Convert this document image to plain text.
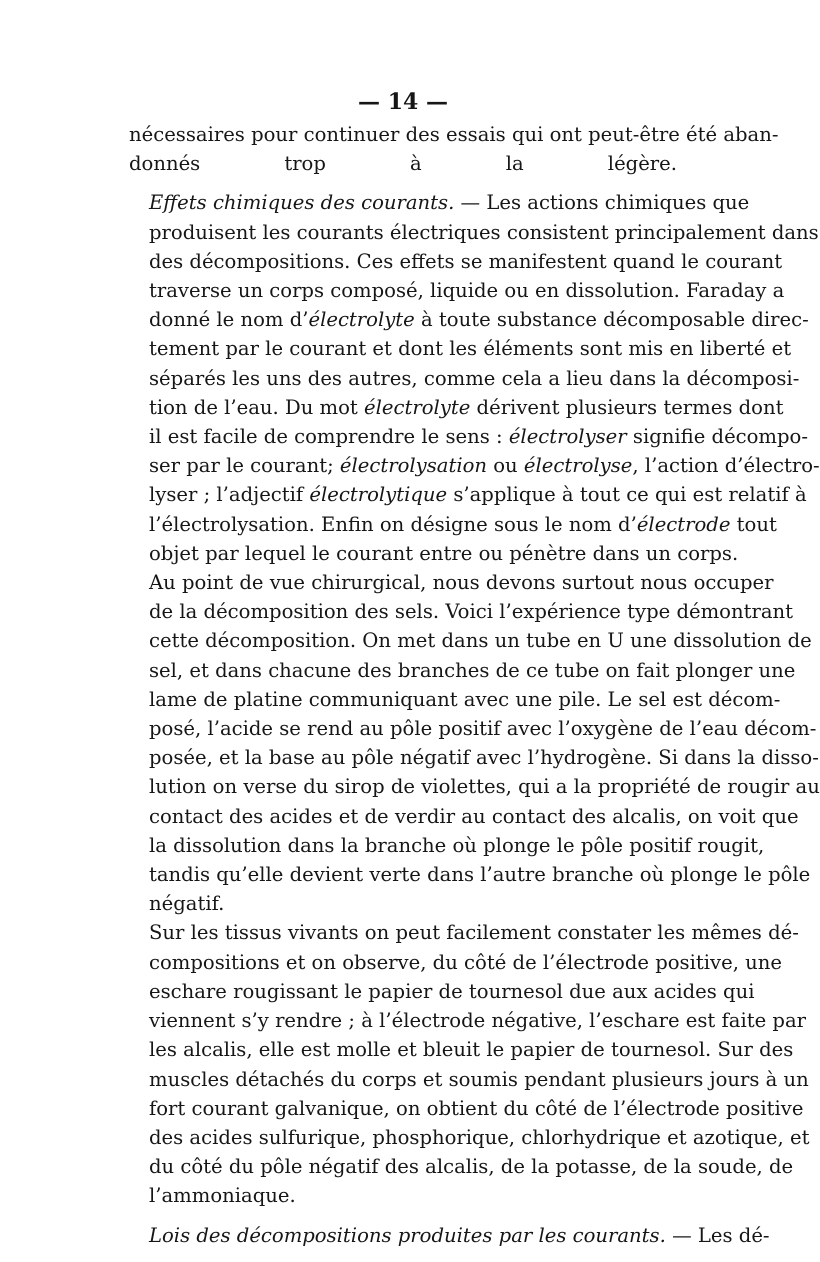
— 14 —

nécessaires pour continuer des essais qui ont peut-être été aban-
donnés trop à la légère.

Effets chimiques des courants. — Les actions chimiques que
produisent les courants électriques consistent principalement dans
des décompositions. Ces effets se manifestent quand le courant
traverse un corps composé, liquide ou en dissolution. Faraday a
donné le nom d’électrolyte à toute substance décomposable direc-
tement par le courant et dont les éléments sont mis en liberté et
séparés les uns des autres, comme cela a lieu dans la décomposi-
tion de l’eau. Du mot électrolyte dérivent plusieurs termes dont
il est facile de comprendre le sens : électrolyser signifie décompo-
ser par le courant; électrolysation ou électrolyse, l’action d’électro-
lyser ; l’adjectif électrolytique s’applique à tout ce qui est relatif à
l’électrolysation. Enfin on désigne sous le nom d’électrode tout
objet par lequel le courant entre ou pénètre dans un corps.

Au point de vue chirurgical, nous devons surtout nous occuper
de la décomposition des sels. Voici l’expérience type démontrant
cette décomposition. On met dans un tube en U une dissolution de
sel, et dans chacune des branches de ce tube on fait plonger une
lame de platine communiquant avec une pile. Le sel est décom-
posé, l’acide se rend au pôle positif avec l’oxygène de l’eau décom-
posée, et la base au pôle négatif avec l’hydrogène. Si dans la disso-
lution on verse du sirop de violettes, qui a la propriété de rougir au
contact des acides et de verdir au contact des alcalis, on voit que
la dissolution dans la branche où plonge le pôle positif rougit,
tandis qu’elle devient verte dans l’autre branche où plonge le pôle
négatif.

Sur les tissus vivants on peut facilement constater les mêmes dé-
compositions et on observe, du côté de l’électrode positive, une
eschare rougissant le papier de tournesol due aux acides qui
viennent s’y rendre ; à l’électrode négative, l’eschare est faite par
les alcalis, elle est molle et bleuit le papier de tournesol. Sur des
muscles détachés du corps et soumis pendant plusieurs jours à un
fort courant galvanique, on obtient du côté de l’électrode positive
des acides sulfurique, phosphorique, chlorhydrique et azotique, et
du côté du pôle négatif des alcalis, de la potasse, de la soude, de
l’ammoniaque.

Lois des décompositions produites par les courants. — Les dé-
